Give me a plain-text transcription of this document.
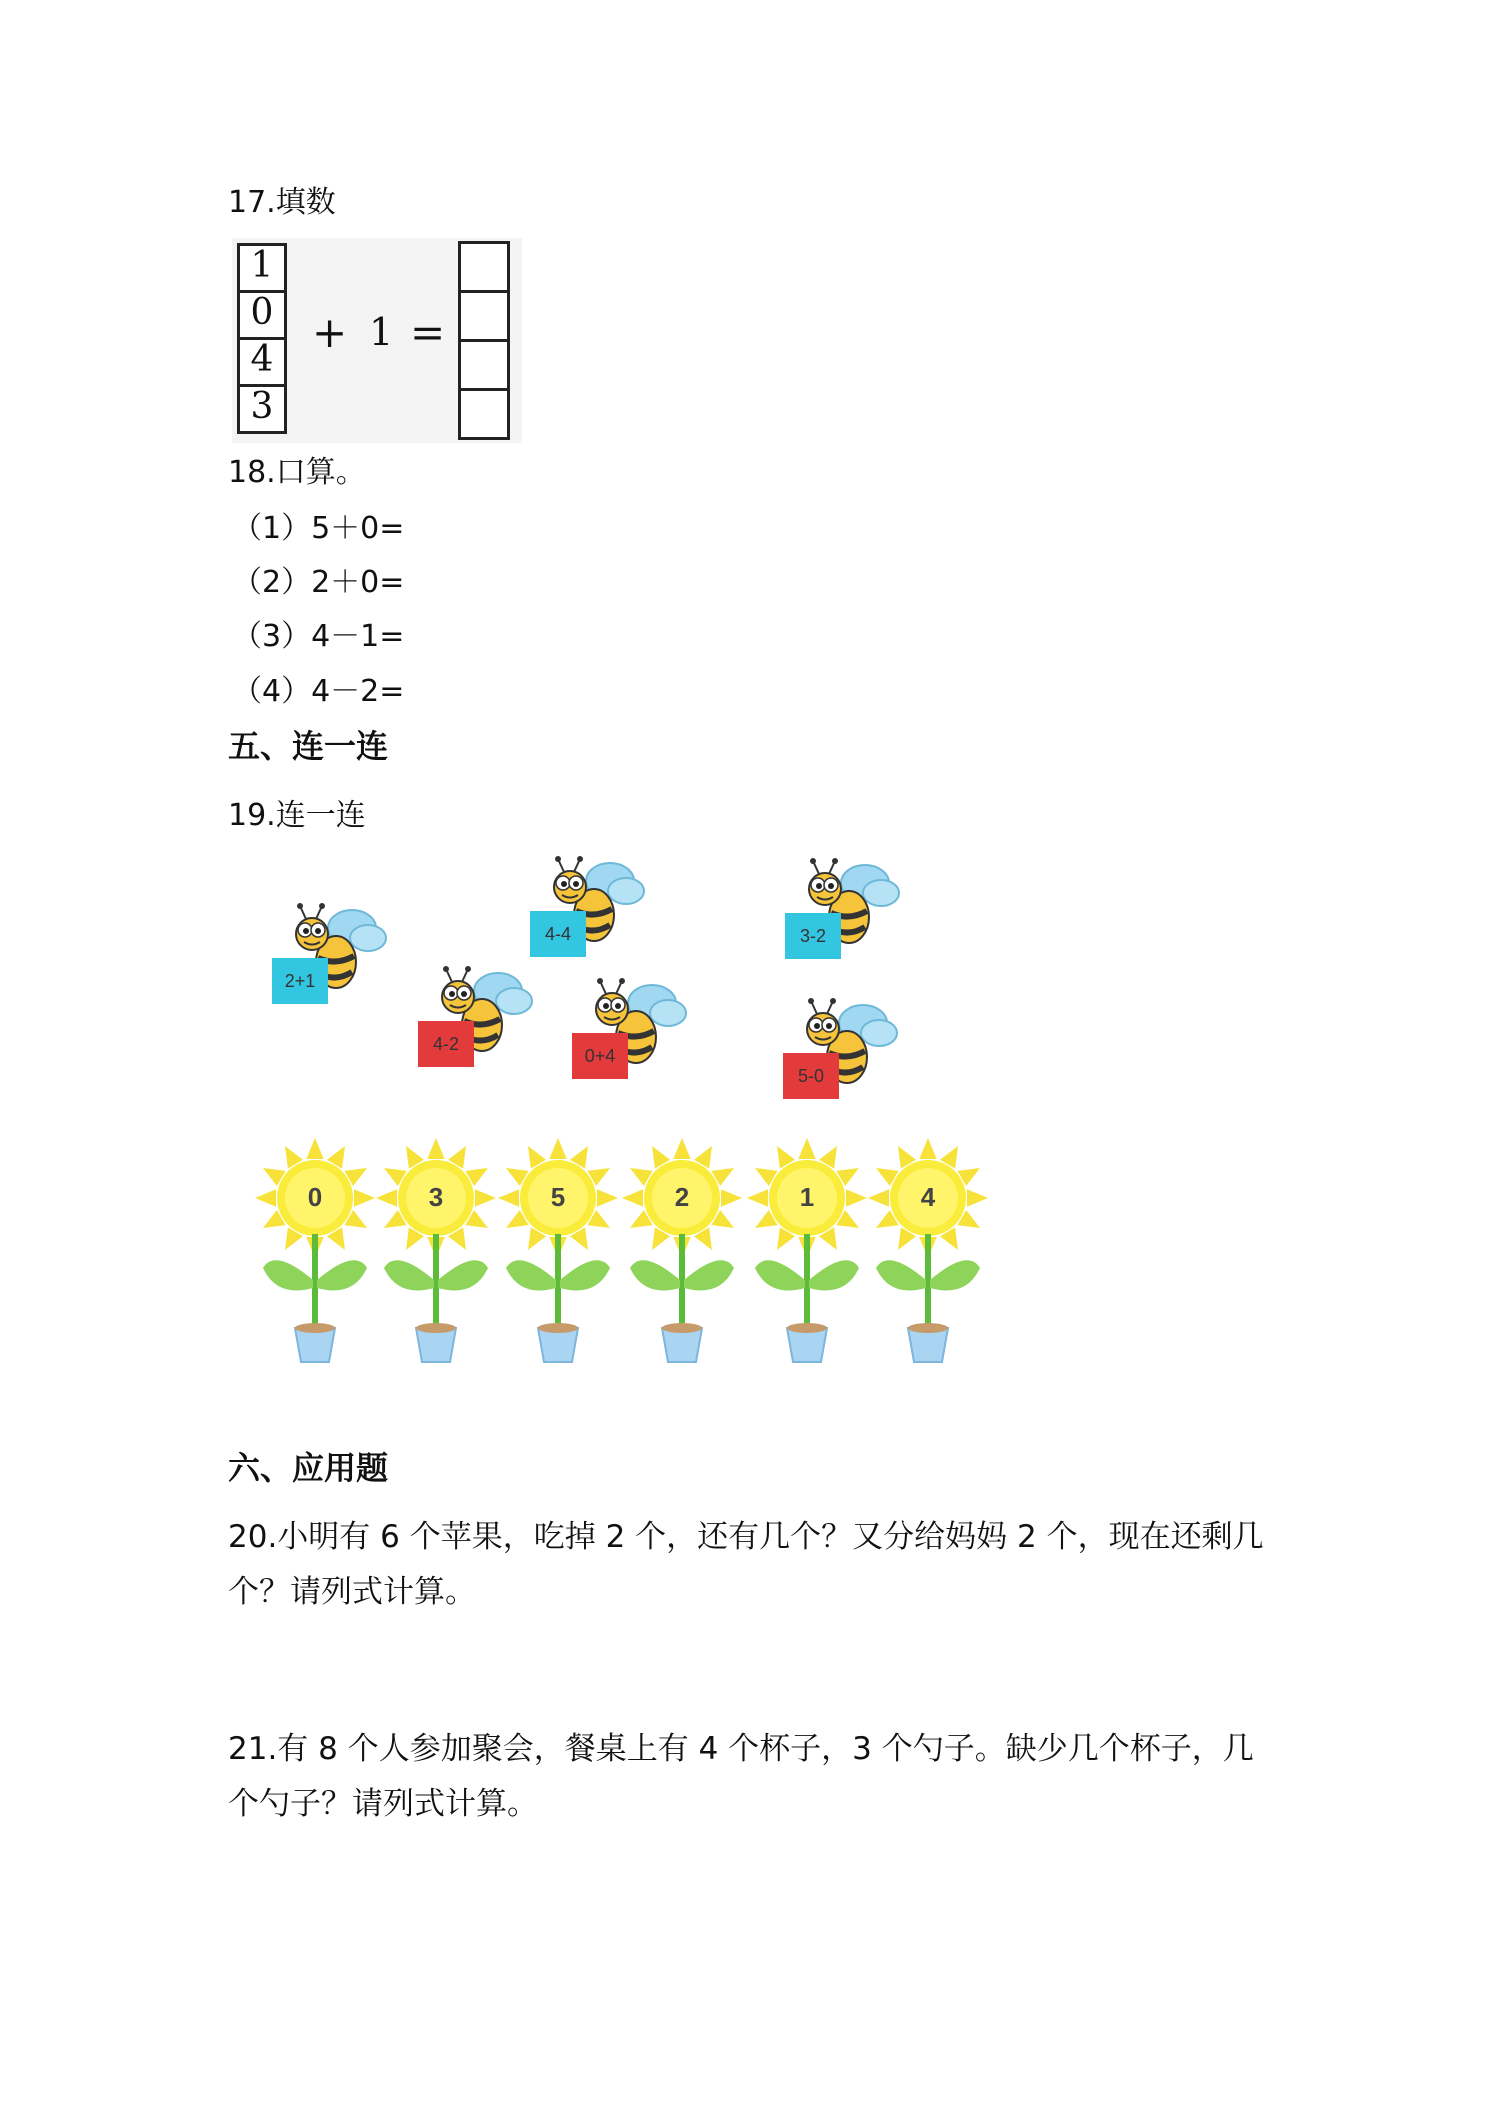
17.填数
1
0
4
3
+ 1 =
18.口算。
（1）5＋0=
（2）2＋0=
（3）4－1=
（4）4－2=
五、连一连
19.连一连
2+1
4-4	3-2
4-2
0+4
5-0
0	3	5	2	1	4
六、应用题
20.小明有 6 个苹果，吃掉 2 个，还有几个？又分给妈妈 2 个，现在还剩几个？请列式计算。
21.有 8 个人参加聚会，餐桌上有 4 个杯子，3 个勺子。缺少几个杯子，几个勺子？请列式计算。
